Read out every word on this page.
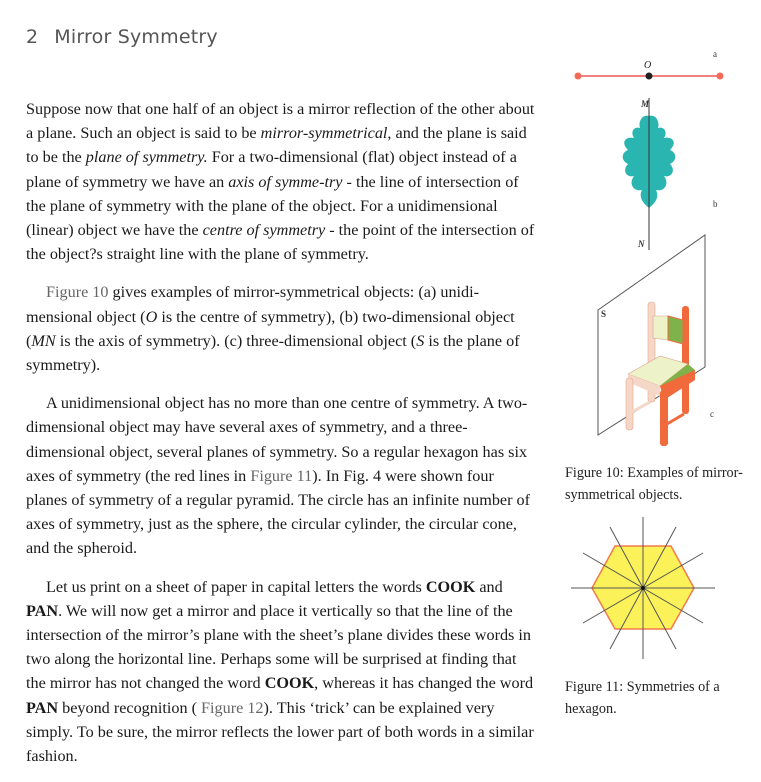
2 Mirror Symmetry

Suppose now that one half of an object is a mirror reflection of the other about a plane. Such an object is said to be mirror-symmetrical, and the plane is said to be the plane of symmetry. For a two-dimensional (flat) object instead of a plane of symmetry we have an axis of symme-try - the line of intersection of the plane of symmetry with the plane of the object. For a unidimensional (linear) object we have the centre of symmetry - the point of the intersection of the object?s straight line with the plane of symmetry.

Figure 10 gives examples of mirror-symmetrical objects: (a) unidi-mensional object (O is the centre of symmetry), (b) two-dimensional object (MN is the axis of symmetry). (c) three-dimensional object (S is the plane of symmetry).

A unidimensional object has no more than one centre of symmetry. A two-dimensional object may have several axes of symmetry, and a three-dimensional object, several planes of symmetry. So a regular hexagon has six axes of symmetry (the red lines in Figure 11). In Fig. 4 were shown four planes of symmetry of a regular pyramid. The circle has an infinite number of axes of symmetry, just as the sphere, the circular cylinder, the circular cone, and the spheroid.

Let us print on a sheet of paper in capital letters the words COOK and PAN. We will now get a mirror and place it vertically so that the line of the intersection of the mirror’s plane with the sheet’s plane divides these words in two along the horizontal line. Perhaps some will be surprised at finding that the mirror has not changed the word COOK, whereas it has changed the word PAN beyond recognition ( Figure 12). This ‘trick’ can be explained very simply. To be sure, the mirror reflects the lower part of both words in a similar fashion.

a
O
M
b
N
S
c
Figure 10: Examples of mirror-symmetrical objects.
Figure 11: Symmetries of a hexagon.
